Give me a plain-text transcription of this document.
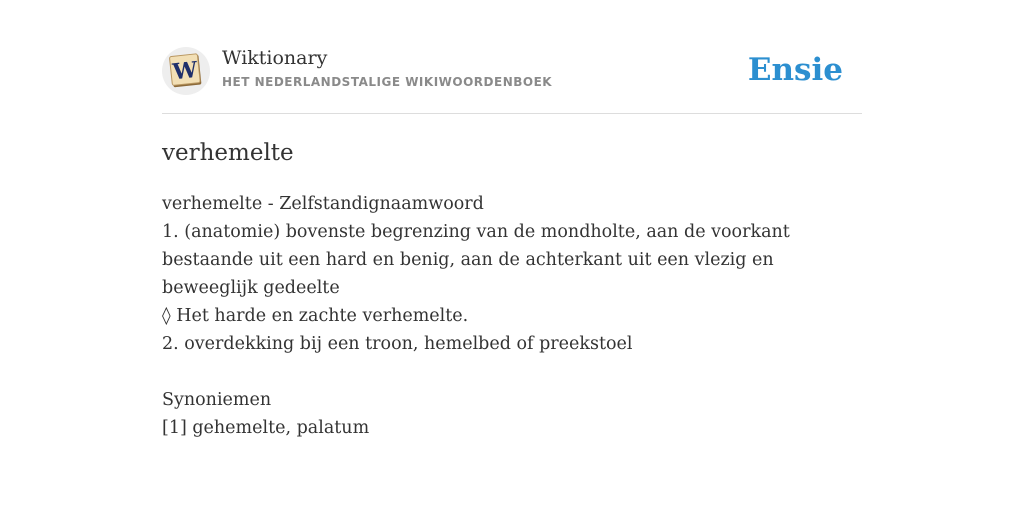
W Wiktionary
HET NEDERLANDSTALIGE WIKIWOORDENBOEK	Ensie
verhemelte
verhemelte - Zelfstandignaamwoord
1. (anatomie) bovenste begrenzing van de mondholte, aan de voorkant bestaande uit een hard en benig, aan de achterkant uit een vlezig en beweeglijk gedeelte
◊ Het harde en zachte verhemelte.
2. overdekking bij een troon, hemelbed of preekstoel
Synoniemen
[1] gehemelte, palatum
